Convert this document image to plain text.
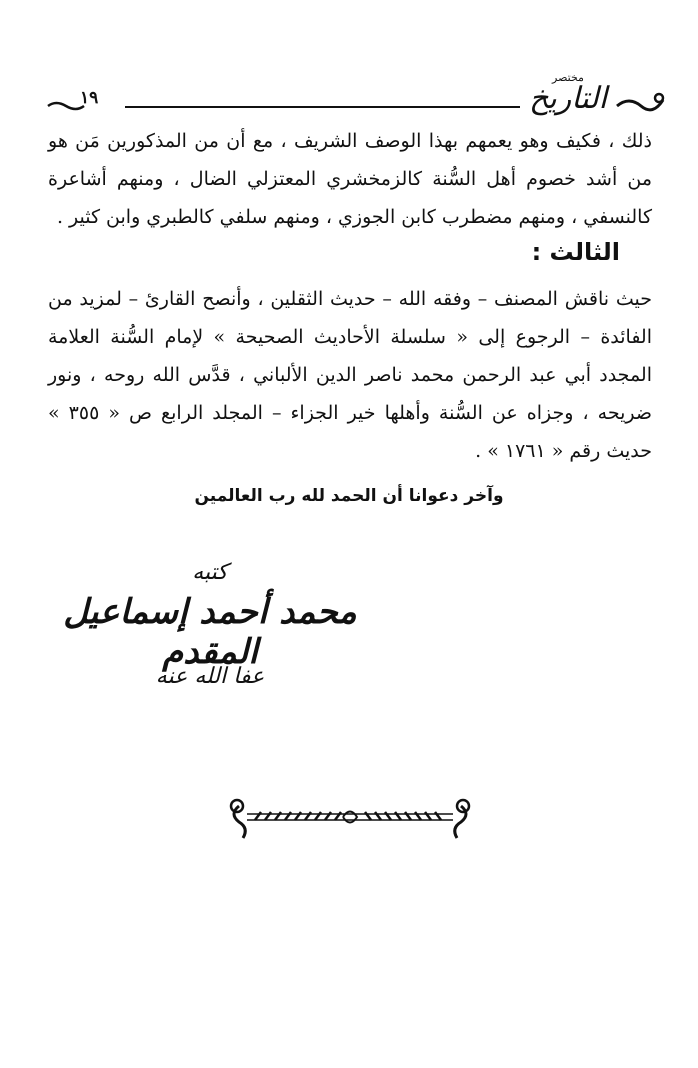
١٩
مختصر
التاريخ

ذلك ، فكيف وهو يعمهم بهذا الوصف الشريف ، مع أن من المذكورين مَن هو من أشد خصوم أهل السُّنة كالزمخشري المعتزلي الضال ، ومنهم أشاعرة كالنسفي ، ومنهم مضطرب كابن الجوزي ، ومنهم سلفي كالطبري وابن كثير .

الثالث :

حيث ناقش المصنف – وفقه الله – حديث الثقلين ، وأنصح القارئ – لمزيد من الفائدة – الرجوع إلى « سلسلة الأحاديث الصحيحة » لإمام السُّنة العلامة المجدد أبي عبد الرحمن محمد ناصر الدين الألباني ، قدَّس الله روحه ، ونور ضريحه ، وجزاه عن السُّنة وأهلها خير الجزاء – المجلد الرابع ص « ٣٥٥ » حديث رقم « ١٧٦١ » .

وآخر دعوانا أن الحمد لله رب العالمين
كتبه
محمد أحمد إسماعيل المقدم
عفا الله عنه
